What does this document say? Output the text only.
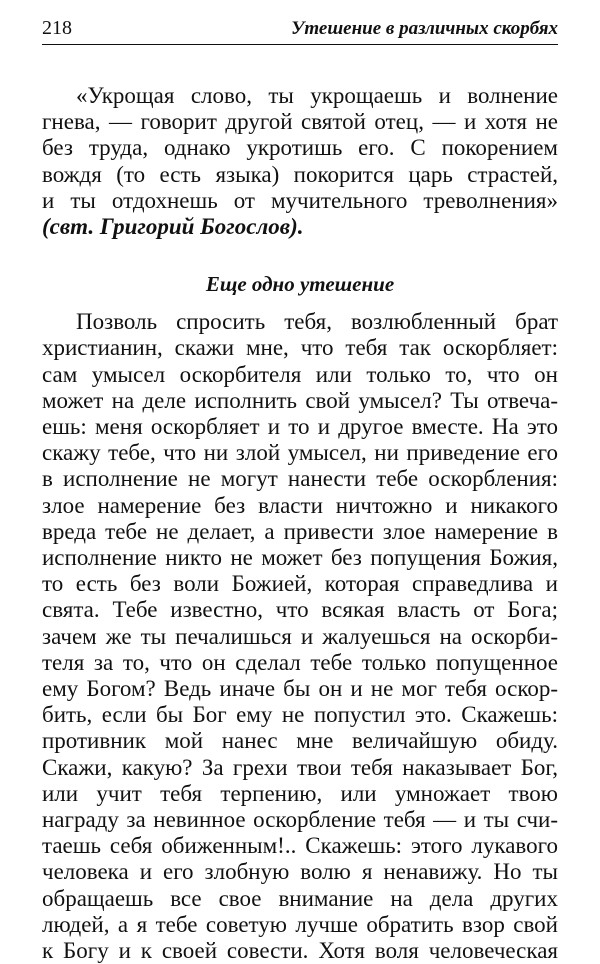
218	Утешение в различных скорбях
«Укрощая слово, ты укрощаешь и волнение
гнева, — говорит другой святой отец, — и хотя не
без труда, однако укротишь его. С покорением
вождя (то есть языка) покорится царь страстей,
и ты отдохнешь от мучительного треволнения»
(свт. Григорий Богослов).
Еще одно утешение
Позволь спросить тебя, возлюбленный брат
христианин, скажи мне, что тебя так оскорбляет:
сам умысел оскорбителя или только то, что он
может на деле исполнить свой умысел? Ты отвеча-
ешь: меня оскорбляет и то и другое вместе. На это
скажу тебе, что ни злой умысел, ни приведение его
в исполнение не могут нанести тебе оскорбления:
злое намерение без власти ничтожно и никакого
вреда тебе не делает, а привести злое намерение в
исполнение никто не может без попущения Божия,
то есть без воли Божией, которая справедлива и
свята. Тебе известно, что всякая власть от Бога;
зачем же ты печалишься и жалуешься на оскорби-
теля за то, что он сделал тебе только попущенное
ему Богом? Ведь иначе бы он и не мог тебя оскор-
бить, если бы Бог ему не попустил это. Скажешь:
противник мой нанес мне величайшую обиду.
Скажи, какую? За грехи твои тебя наказывает Бог,
или учит тебя терпению, или умножает твою
награду за невинное оскорбление тебя — и ты счи-
таешь себя обиженным!.. Скажешь: этого лукавого
человека и его злобную волю я ненавижу. Но ты
обращаешь все свое внимание на дела других
людей, а я тебе советую лучше обратить взор свой
к Богу и к своей совести. Хотя воля человеческая
